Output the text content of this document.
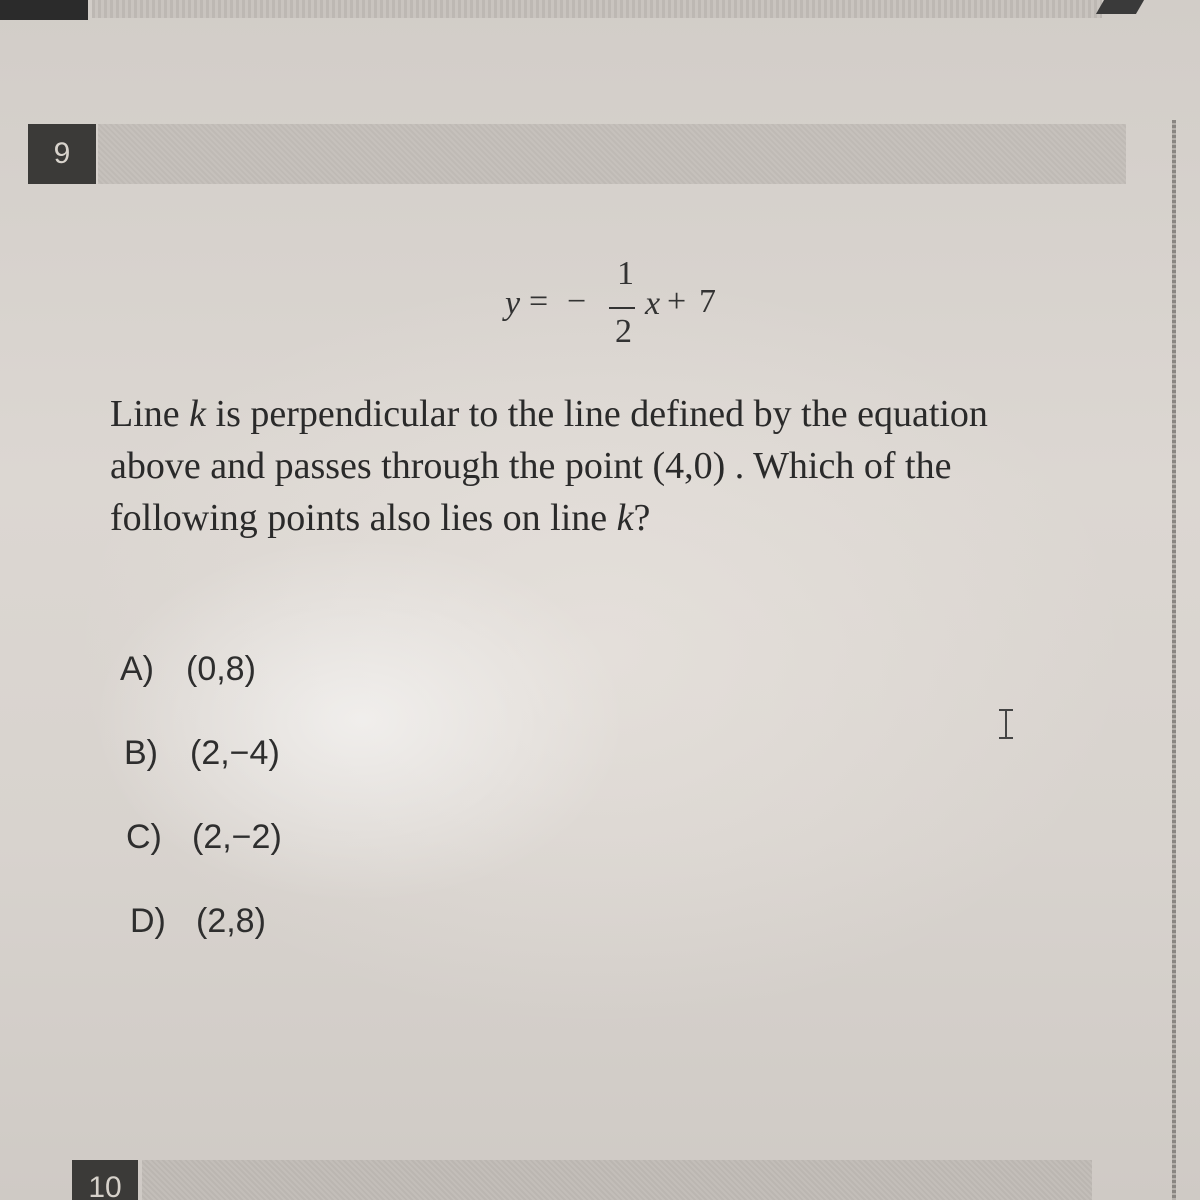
9
y = −
1
2
x + 7
Line k is perpendicular to the line defined by the equation
above and passes through the point (4,0) . Which of the
following points also lies on line k?
A) (0,8)
B) (2,−4)
C) (2,−2)
D) (2,8)
10
